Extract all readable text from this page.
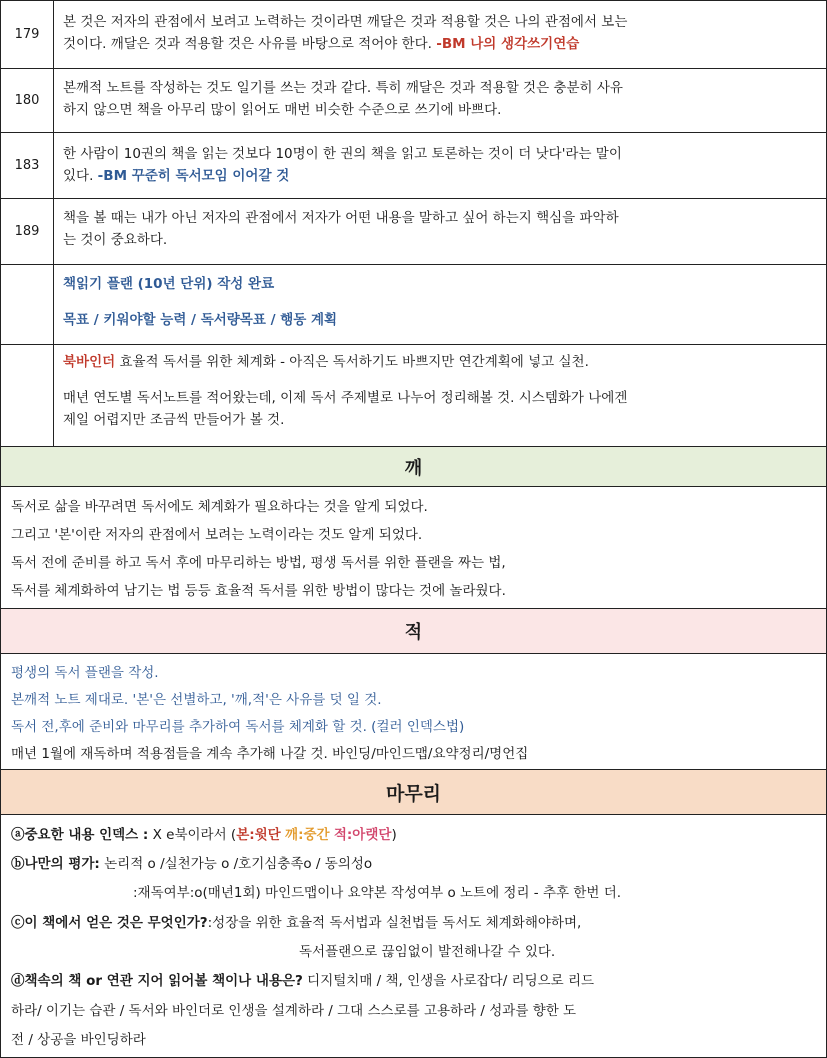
179
본 것은 저자의 관점에서 보려고 노력하는 것이라면 깨달은 것과 적용할 것은 나의 관점에서 보는
것이다. 깨달은 것과 적용할 것은 사유를 바탕으로 적어야 한다. -BM 나의 생각쓰기연습
180
본깨적 노트를 작성하는 것도 일기를 쓰는 것과 같다. 특히 깨달은 것과 적용할 것은 충분히 사유
하지 않으면 책을 아무리 많이 읽어도 매번 비슷한 수준으로 쓰기에 바쁘다.
183
한 사람이 10권의 책을 읽는 것보다 10명이 한 권의 책을 읽고 토론하는 것이 더 낫다'라는 말이
있다. -BM 꾸준히 독서모임 이어갈 것
189
책을 볼 때는 내가 아닌 저자의 관점에서 저자가 어떤 내용을 말하고 싶어 하는지 핵심을 파악하
는 것이 중요하다.
책읽기 플랜 (10년 단위) 작성 완료
목표 / 키워야할 능력 / 독서량목표 / 행동 계획
북바인더 효율적 독서를 위한 체계화 - 아직은 독서하기도 바쁘지만 연간계획에 넣고 실천.
매년 연도별 독서노트를 적어왔는데, 이제 독서 주제별로 나누어 정리해볼 것. 시스템화가 나에겐
제일 어렵지만 조금씩 만들어가 볼 것.
깨
독서로 삶을 바꾸려면 독서에도 체계화가 필요하다는 것을 알게 되었다.
그리고 '본'이란 저자의 관점에서 보려는 노력이라는 것도 알게 되었다.
독서 전에 준비를 하고 독서 후에 마무리하는 방법, 평생 독서를 위한 플랜을 짜는 법,
독서를 체계화하여 남기는 법 등등 효율적 독서를 위한 방법이 많다는 것에 놀라웠다.
적
평생의 독서 플랜을 작성.
본깨적 노트 제대로. '본'은 선별하고, '깨,적'은 사유를 덧 일 것.
독서 전,후에 준비와 마무리를 추가하여 독서를 체계화 할 것. (컬러 인덱스법)
매년 1월에 재독하며 적용점들을 계속 추가해 나갈 것. 바인딩/마인드맵/요약정리/명언집
마무리
ⓐ중요한 내용 인덱스 : X e북이라서 (본:윗단 깨:중간 적:아랫단)
ⓑ나만의 평가: 논리적 o /실천가능 o /호기심충족o / 동의성o
:재독여부:o(매년1회) 마인드맵이나 요약본 작성여부 o 노트에 정리 - 추후 한번 더.
ⓒ이 책에서 얻은 것은 무엇인가?:성장을 위한 효율적 독서법과 실천법들 독서도 체계화해야하며,
독서플랜으로 끊임없이 발전해나갈 수 있다.
ⓓ책속의 책 or 연관 지어 읽어볼 책이나 내용은? 디지털치매 / 책, 인생을 사로잡다/ 리딩으로 리드
하라/ 이기는 습관 / 독서와 바인더로 인생을 설계하라 / 그대 스스로를 고용하라 / 성과를 향한 도
전 / 상공을 바인딩하라
